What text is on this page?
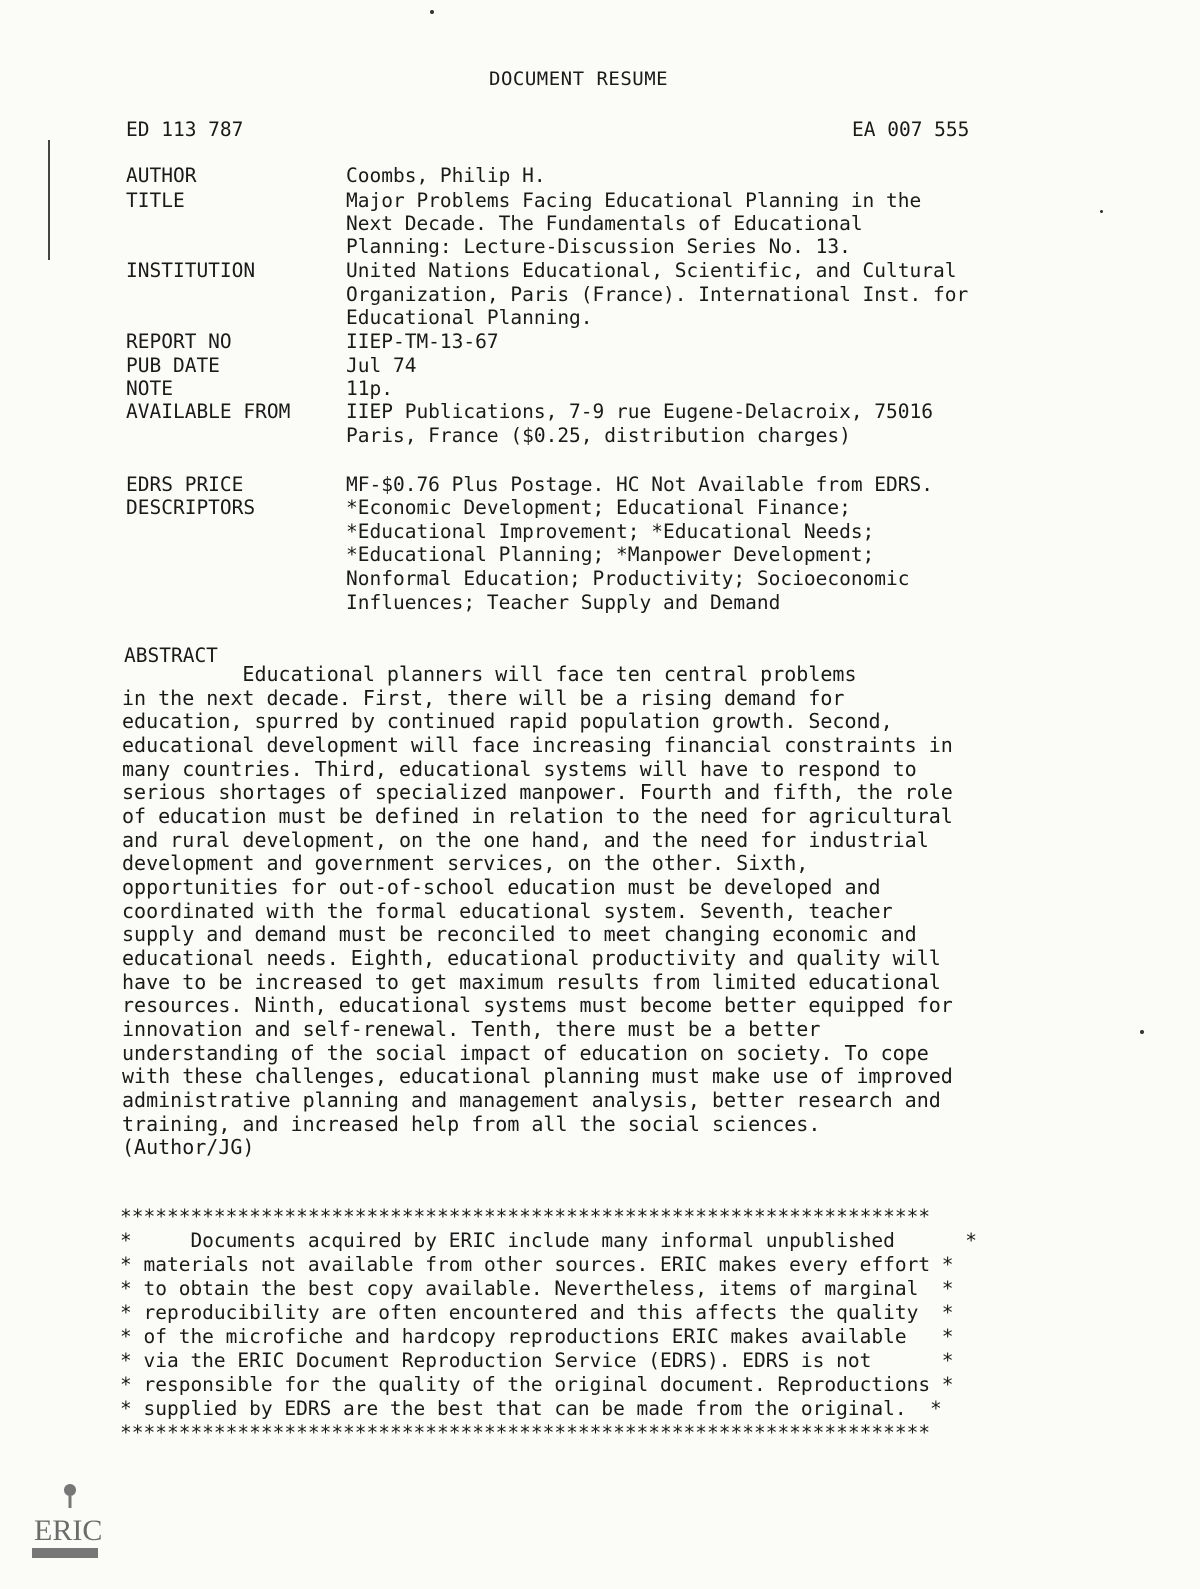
DOCUMENT RESUME
ED 113 787	EA 007 555
AUTHOR	Coombs, Philip H.
TITLE	Major Problems Facing Educational Planning in the
Next Decade. The Fundamentals of Educational
Planning: Lecture-Discussion Series No. 13.
INSTITUTION	United Nations Educational, Scientific, and Cultural
Organization, Paris (France). International Inst. for
Educational Planning.
REPORT NO	IIEP-TM-13-67
PUB DATE	Jul 74
NOTE	11p.
AVAILABLE FROM	IIEP Publications, 7-9 rue Eugene-Delacroix, 75016
Paris, France ($0.25, distribution charges)
EDRS PRICE	MF-$0.76 Plus Postage. HC Not Available from EDRS.
DESCRIPTORS	*Economic Development; Educational Finance;
*Educational Improvement; *Educational Needs;
*Educational Planning; *Manpower Development;
Nonformal Education; Productivity; Socioeconomic
Influences; Teacher Supply and Demand
ABSTRACT
Educational planners will face ten central problems
in the next decade. First, there will be a rising demand for
education, spurred by continued rapid population growth. Second,
educational development will face increasing financial constraints in
many countries. Third, educational systems will have to respond to
serious shortages of specialized manpower. Fourth and fifth, the role
of education must be defined in relation to the need for agricultural
and rural development, on the one hand, and the need for industrial
development and government services, on the other. Sixth,
opportunities for out-of-school education must be developed and
coordinated with the formal educational system. Seventh, teacher
supply and demand must be reconciled to meet changing economic and
educational needs. Eighth, educational productivity and quality will
have to be increased to get maximum results from limited educational
resources. Ninth, educational systems must become better equipped for
innovation and self-renewal. Tenth, there must be a better
understanding of the social impact of education on society. To cope
with these challenges, educational planning must make use of improved
administrative planning and management analysis, better research and
training, and increased help from all the social sciences.
(Author/JG)
*********************************************************************
*     Documents acquired by ERIC include many informal unpublished      *
* materials not available from other sources. ERIC makes every effort *
* to obtain the best copy available. Nevertheless, items of marginal  *
* reproducibility are often encountered and this affects the quality  *
* of the microfiche and hardcopy reproductions ERIC makes available   *
* via the ERIC Document Reproduction Service (EDRS). EDRS is not      *
* responsible for the quality of the original document. Reproductions *
* supplied by EDRS are the best that can be made from the original.  *
*********************************************************************
ERIC
